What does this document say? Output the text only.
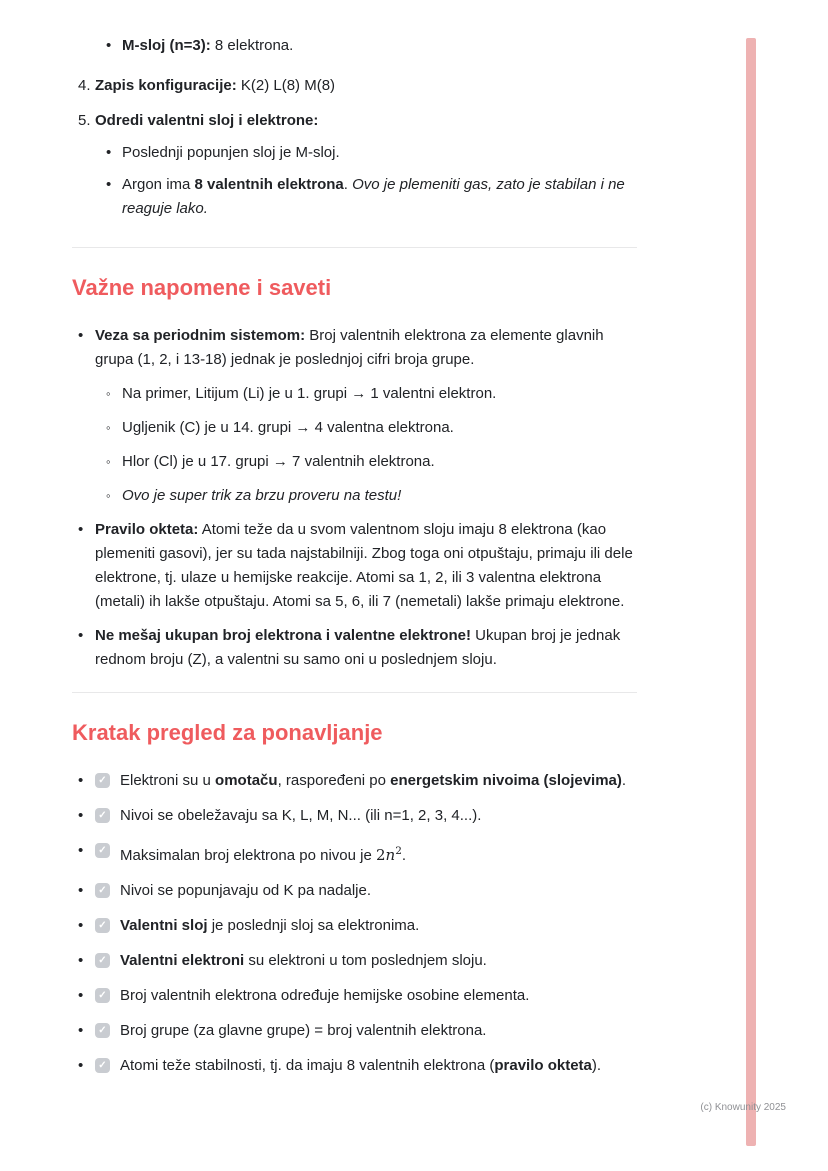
• M-sloj (n=3): 8 elektrona.
4. Zapis konfiguracije: K(2) L(8) M(8)
5. Odredi valentni sloj i elektrone:
• Poslednji popunjen sloj je M-sloj.
• Argon ima 8 valentnih elektrona. Ovo je plemeniti gas, zato je stabilan i ne reaguje lako.
Važne napomene i saveti
• Veza sa periodnim sistemom: Broj valentnih elektrona za elemente glavnih grupa (1, 2, i 13-18) jednak je poslednjoj cifri broja grupe.
◦ Na primer, Litijum (Li) je u 1. grupi → 1 valentni elektron.
◦ Ugljenik (C) je u 14. grupi → 4 valentna elektrona.
◦ Hlor (Cl) je u 17. grupi → 7 valentnih elektrona.
◦ Ovo je super trik za brzu proveru na testu!
• Pravilo okteta: Atomi teže da u svom valentnom sloju imaju 8 elektrona (kao plemeniti gasovi), jer su tada najstabilniji. Zbog toga oni otpuštaju, primaju ili dele elektrone, tj. ulaze u hemijske reakcije. Atomi sa 1, 2, ili 3 valentna elektrona (metali) ih lakše otpuštaju. Atomi sa 5, 6, ili 7 (nemetali) lakše primaju elektrone.
• Ne mešaj ukupan broj elektrona i valentne elektrone! Ukupan broj je jednak rednom broju (Z), a valentni su samo oni u poslednjem sloju.
Kratak pregled za ponavljanje
•	✓ Elektroni su u omotaču, raspoređeni po energetskim nivoima (slojevima).
•	✓ Nivoi se obeležavaju sa K, L, M, N... (ili n=1, 2, 3, 4...).
•	✓ Maksimalan broj elektrona po nivou je $2n^2$.
•	✓ Nivoi se popunjavaju od K pa nadalje.
•	✓ Valentni sloj je poslednji sloj sa elektronima.
•	✓ Valentni elektroni su elektroni u tom poslednjem sloju.
•	✓ Broj valentnih elektrona određuje hemijske osobine elementa.
•	✓ Broj grupe (za glavne grupe) = broj valentnih elektrona.
•	✓ Atomi teže stabilnosti, tj. da imaju 8 valentnih elektrona (pravilo okteta).
(c) Knowunity 2025
